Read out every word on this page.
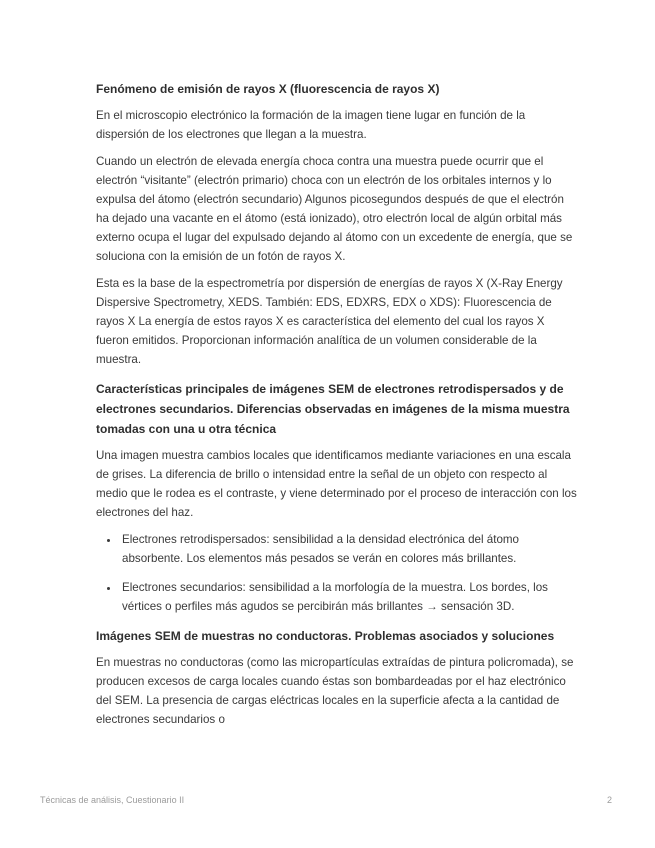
Fenómeno de emisión de rayos X (fluorescencia de rayos X)

En el microscopio electrónico la formación de la imagen tiene lugar en función de la dispersión de los electrones que llegan a la muestra.

Cuando un electrón de elevada energía choca contra una muestra puede ocurrir que el electrón “visitante” (electrón primario) choca con un electrón de los orbitales internos y lo expulsa del átomo (electrón secundario) Algunos picosegundos después de que el electrón ha dejado una vacante en el átomo (está ionizado), otro electrón local de algún orbital más externo ocupa el lugar del expulsado dejando al átomo con un excedente de energía, que se soluciona con la emisión de un fotón de rayos X.

Esta es la base de la espectrometría por dispersión de energías de rayos X (X-Ray Energy Dispersive Spectrometry, XEDS. También: EDS, EDXRS, EDX o XDS): Fluorescencia de rayos X La energía de estos rayos X es característica del elemento del cual los rayos X fueron emitidos. Proporcionan información analítica de un volumen considerable de la muestra.

Características principales de imágenes SEM de electrones retrodispersados y de electrones secundarios. Diferencias observadas en imágenes de la misma muestra tomadas con una u otra técnica

Una imagen muestra cambios locales que identificamos mediante variaciones en una escala de grises. La diferencia de brillo o intensidad entre la señal de un objeto con respecto al medio que le rodea es el contraste, y viene determinado por el proceso de interacción con los electrones del haz.

• Electrones retrodispersados: sensibilidad a la densidad electrónica del átomo absorbente. Los elementos más pesados se verán en colores más brillantes.
• Electrones secundarios: sensibilidad a la morfología de la muestra. Los bordes, los vértices o perfiles más agudos se percibirán más brillantes → sensación 3D.
Imágenes SEM de muestras no conductoras. Problemas asociados y soluciones

En muestras no conductoras (como las micropartículas extraídas de pintura policromada), se producen excesos de carga locales cuando éstas son bombardeadas por el haz electrónico del SEM. La presencia de cargas eléctricas locales en la superficie afecta a la cantidad de electrones secundarios o

Técnicas de análisis, Cuestionario II	2
